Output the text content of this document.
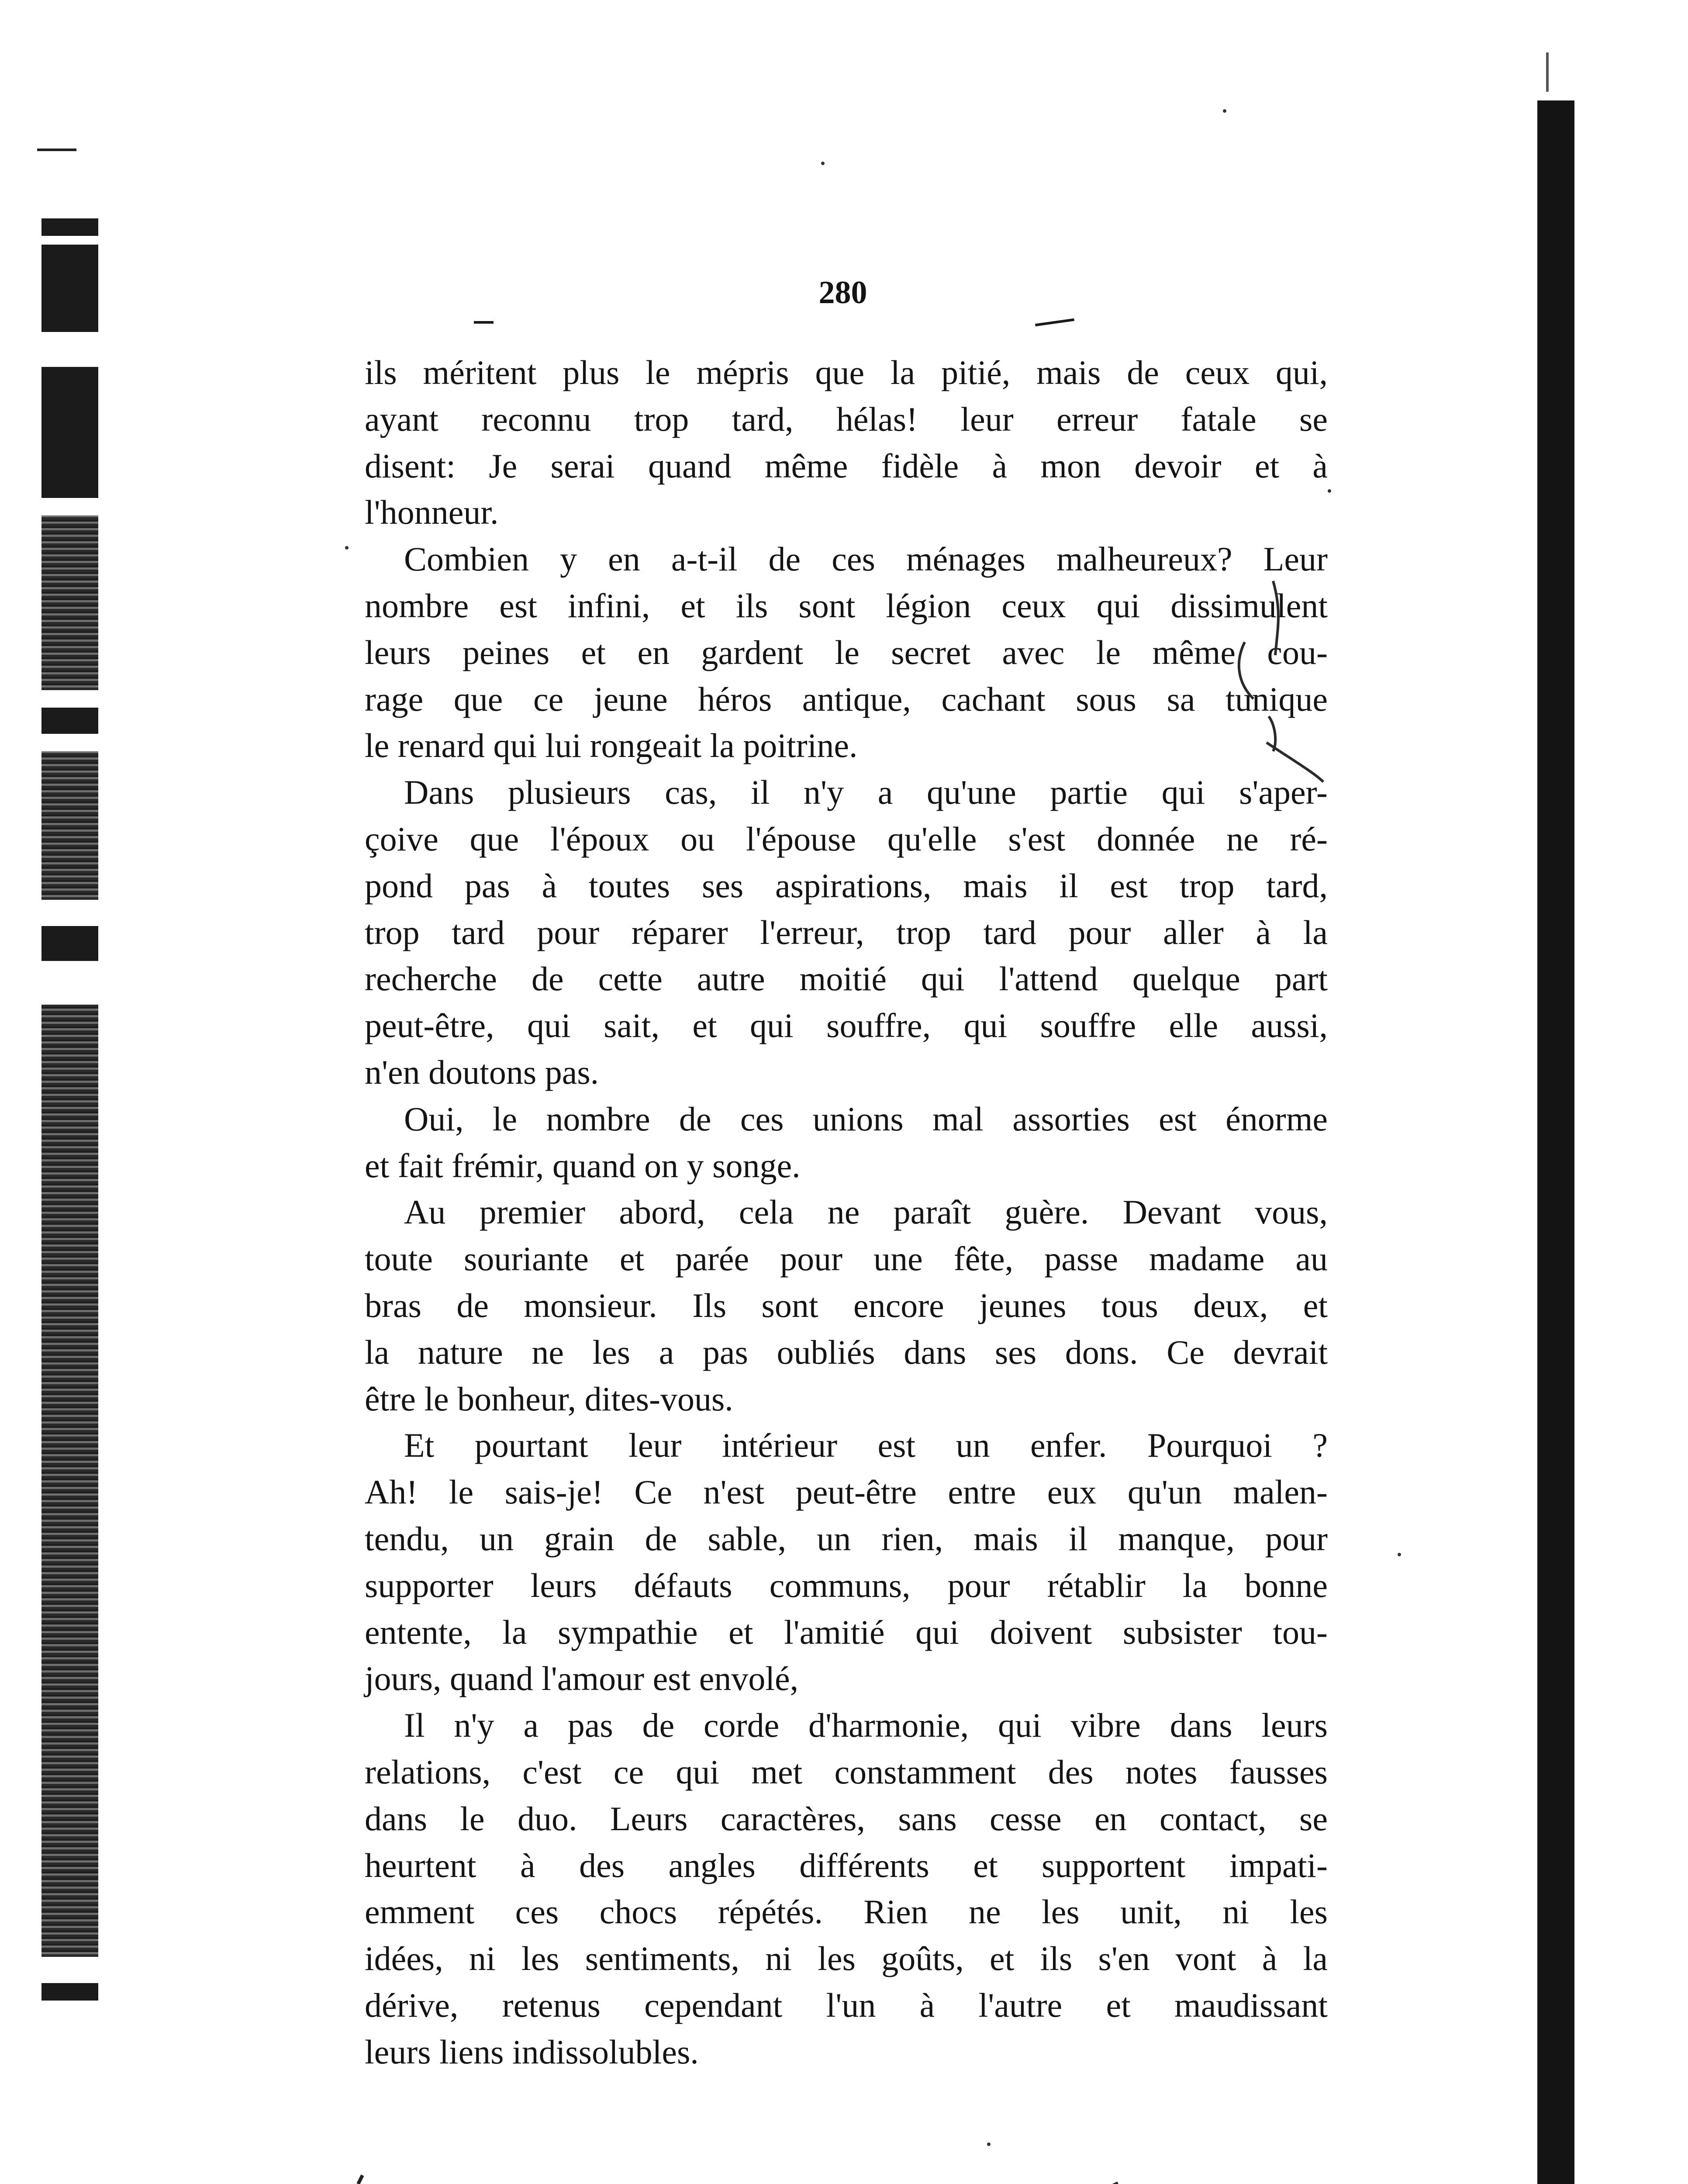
280
ils méritent plus le mépris que la pitié, mais de ceux qui,
ayant reconnu trop tard, hélas! leur erreur fatale se
disent: Je serai quand même fidèle à mon devoir et à
l'honneur.
Combien y en a-t-il de ces ménages malheureux? Leur
nombre est infini, et ils sont légion ceux qui dissimulent
leurs peines et en gardent le secret avec le même cou-
rage que ce jeune héros antique, cachant sous sa tunique
le renard qui lui rongeait la poitrine.
Dans plusieurs cas, il n'y a qu'une partie qui s'aper-
çoive que l'époux ou l'épouse qu'elle s'est donnée ne ré-
pond pas à toutes ses aspirations, mais il est trop tard,
trop tard pour réparer l'erreur, trop tard pour aller à la
recherche de cette autre moitié qui l'attend quelque part
peut-être, qui sait, et qui souffre, qui souffre elle aussi,
n'en doutons pas.
Oui, le nombre de ces unions mal assorties est énorme
et fait frémir, quand on y songe.
Au premier abord, cela ne paraît guère. Devant vous,
toute souriante et parée pour une fête, passe madame au
bras de monsieur. Ils sont encore jeunes tous deux, et
la nature ne les a pas oubliés dans ses dons. Ce devrait
être le bonheur, dites-vous.
Et pourtant leur intérieur est un enfer. Pourquoi ?
Ah! le sais-je! Ce n'est peut-être entre eux qu'un malen-
tendu, un grain de sable, un rien, mais il manque, pour
supporter leurs défauts communs, pour rétablir la bonne
entente, la sympathie et l'amitié qui doivent subsister tou-
jours, quand l'amour est envolé,
Il n'y a pas de corde d'harmonie, qui vibre dans leurs
relations, c'est ce qui met constamment des notes fausses
dans le duo. Leurs caractères, sans cesse en contact, se
heurtent à des angles différents et supportent impati-
emment ces chocs répétés. Rien ne les unit, ni les
idées, ni les sentiments, ni les goûts, et ils s'en vont à la
dérive, retenus cependant l'un à l'autre et maudissant
leurs liens indissolubles.
